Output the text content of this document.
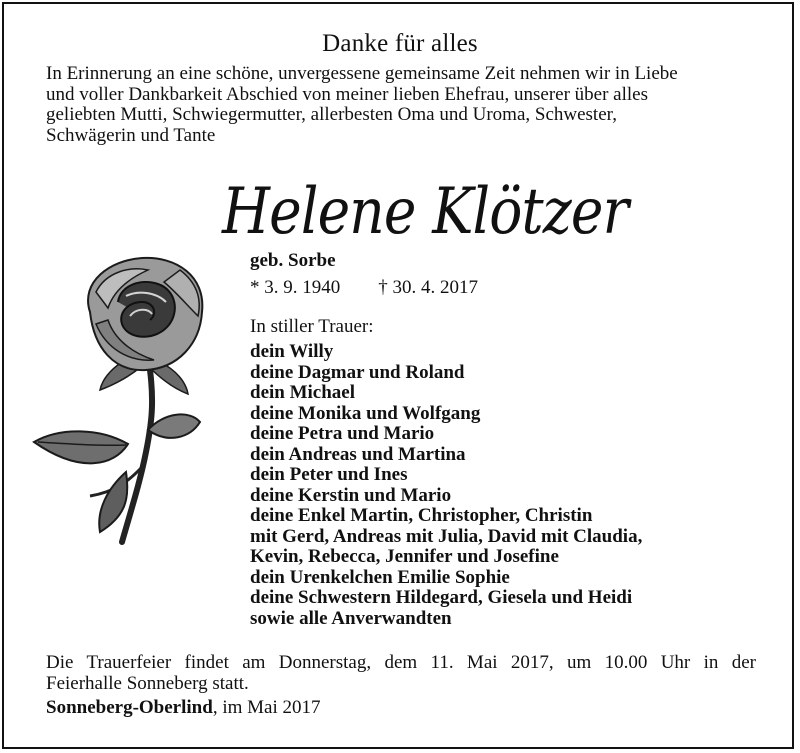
Danke für alles
In Erinnerung an eine schöne, unvergessene gemeinsame Zeit nehmen wir in Liebe
und voller Dankbarkeit Abschied von meiner lieben Ehefrau, unserer über alles
geliebten Mutti, Schwiegermutter, allerbesten Oma und Uroma, Schwester,
Schwägerin und Tante
Helene Klötzer
geb. Sorbe
* 3. 9. 1940 † 30. 4. 2017
In stiller Trauer:
dein Willy
deine Dagmar und Roland
dein Michael
deine Monika und Wolfgang
deine Petra und Mario
dein Andreas und Martina
dein Peter und Ines
deine Kerstin und Mario
deine Enkel Martin, Christopher, Christin
mit Gerd, Andreas mit Julia, David mit Claudia,
Kevin, Rebecca, Jennifer und Josefine
dein Urenkelchen Emilie Sophie
deine Schwestern Hildegard, Giesela und Heidi
sowie alle Anverwandten
Die Trauerfeier findet am Donnerstag, dem 11. Mai 2017, um 10.00 Uhr in der
Feierhalle Sonneberg statt.
Sonneberg-Oberlind, im Mai 2017
